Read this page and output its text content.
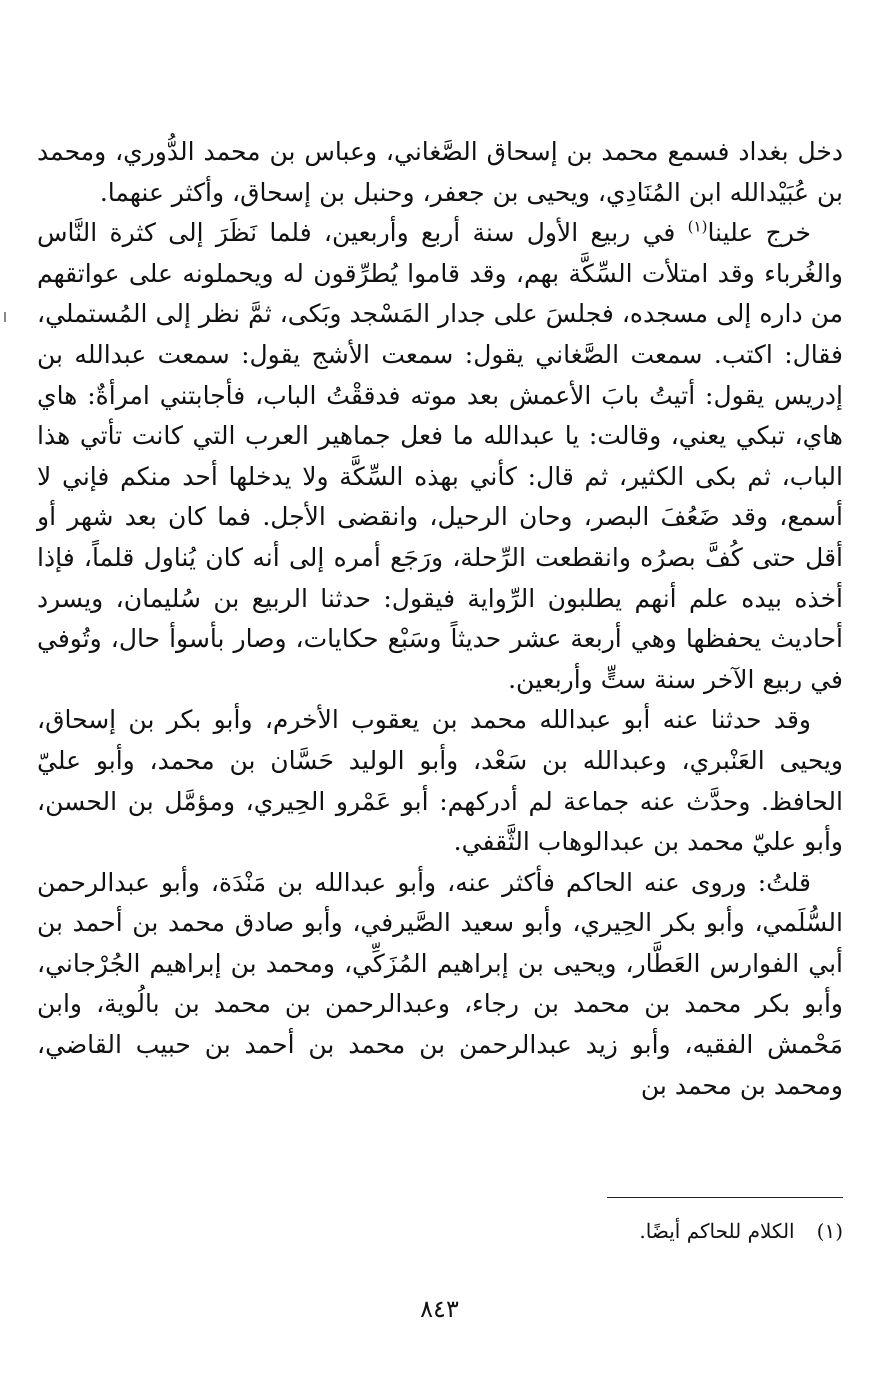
دخل بغداد فسمع محمد بن إسحاق الصَّغاني، وعباس بن محمد الدُّوري، ومحمد بن عُبَيْدالله ابن المُنَادِي، ويحيى بن جعفر، وحنبل بن إسحاق، وأكثر عنهما.

خرج علينا$^{(١)}$ في ربيع الأول سنة أربع وأربعين، فلما نَظَرَ إلى كثرة النَّاس والغُرباء وقد امتلأت السِّكَّة بهم، وقد قاموا يُطرِّقون له ويحملونه على عواتقهم من داره إلى مسجده، فجلسَ على جدار المَسْجد وبَكى، ثمَّ نظر إلى المُستملي، فقال: اكتب. سمعت الصَّغاني يقول: سمعت الأشج يقول: سمعت عبدالله بن إدريس يقول: أتيتُ بابَ الأعمش بعد موته فدققْتُ الباب، فأجابتني امرأةٌ: هاي هاي، تبكي يعني، وقالت: يا عبدالله ما فعل جماهير العرب التي كانت تأتي هذا الباب، ثم بكى الكثير، ثم قال: كأني بهذه السِّكَّة ولا يدخلها أحد منكم فإني لا أسمع، وقد ضَعُفَ البصر، وحان الرحيل، وانقضى الأجل. فما كان بعد شهر أو أقل حتى كُفَّ بصرُه وانقطعت الرِّحلة، ورَجَع أمره إلى أنه كان يُناول قلماً، فإذا أخذه بيده علم أنهم يطلبون الرِّواية فيقول: حدثنا الربيع بن سُليمان، ويسرد أحاديث يحفظها وهي أربعة عشر حديثاً وسَبْع حكايات، وصار بأسوأ حال، وتُوفي في ربيع الآخر سنة ستٍّ وأربعين.

وقد حدثنا عنه أبو عبدالله محمد بن يعقوب الأخرم، وأبو بكر بن إسحاق، ويحيى العَنْبري، وعبدالله بن سَعْد، وأبو الوليد حَسَّان بن محمد، وأبو عليّ الحافظ. وحدَّث عنه جماعة لم أدركهم: أبو عَمْرو الحِيري، ومؤمَّل بن الحسن، وأبو عليّ محمد بن عبدالوهاب الثَّقفي.

قلتُ: وروى عنه الحاكم فأكثر عنه، وأبو عبدالله بن مَنْدَة، وأبو عبدالرحمن السُّلَمي، وأبو بكر الحِيري، وأبو سعيد الصَّيرفي، وأبو صادق محمد بن أحمد بن أبي الفوارس العَطَّار، ويحيى بن إبراهيم المُزَكِّي، ومحمد بن إبراهيم الجُرْجاني، وأبو بكر محمد بن محمد بن رجاء، وعبدالرحمن بن محمد بن بالُوية، وابن مَحْمش الفقيه، وأبو زيد عبدالرحمن بن محمد بن أحمد بن حبيب القاضي، ومحمد بن محمد بن

(١)الكلام للحاكم أيضًا.
٨٤٣
